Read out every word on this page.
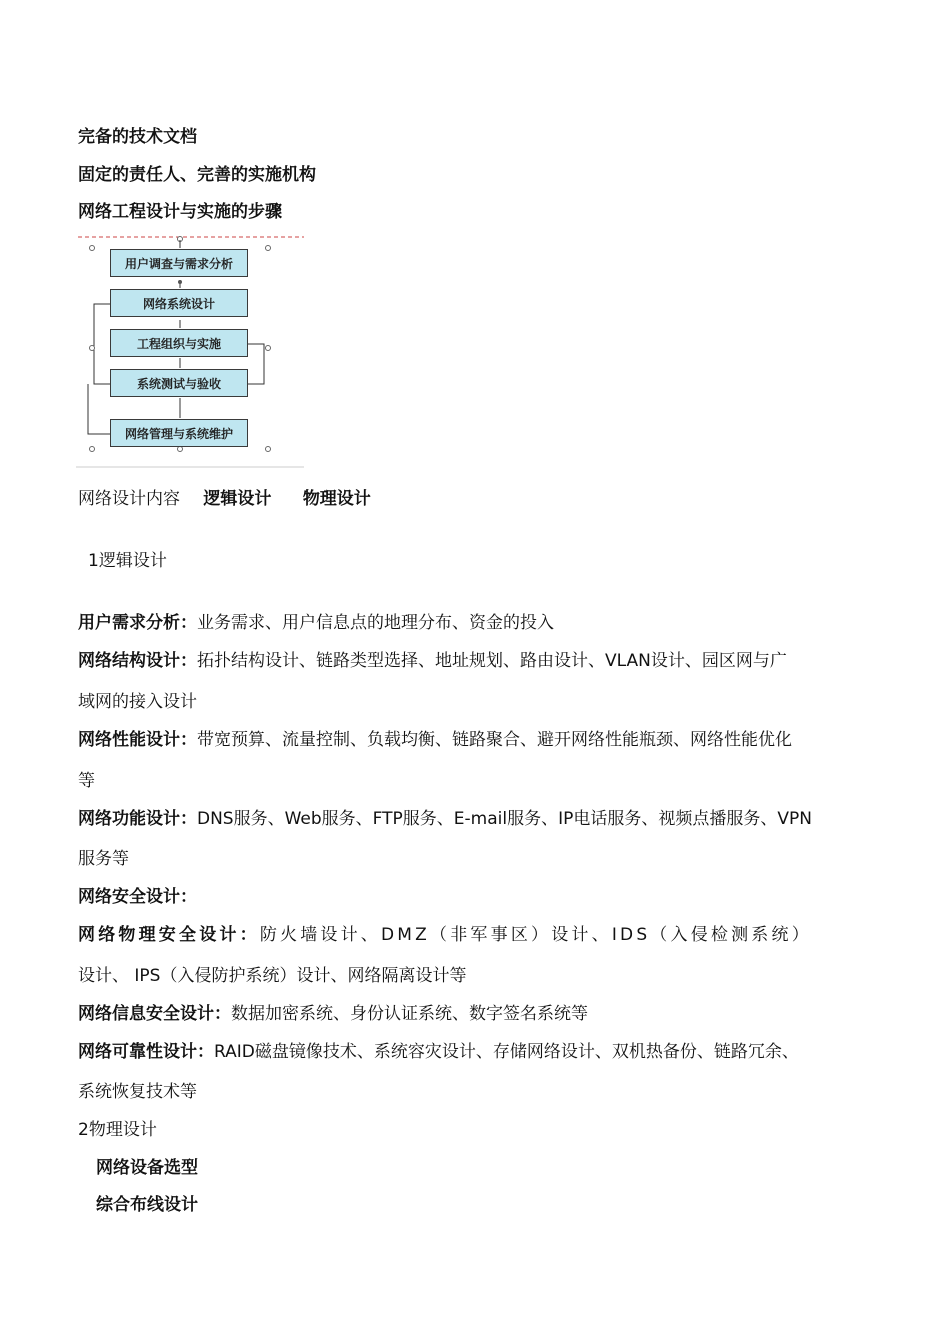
完备的技术文档
固定的责任人、完善的实施机构
网络工程设计与实施的步骤
用户调查与需求分析
网络系统设计
工程组织与实施
系统测试与验收
网络管理与系统维护
网络设计内容 逻辑设计 物理设计
1逻辑设计
用户需求分析：业务需求、用户信息点的地理分布、资金的投入
网络结构设计：拓扑结构设计、链路类型选择、地址规划、路由设计、VLAN设计、园区网与广
域网的接入设计
网络性能设计：带宽预算、流量控制、负载均衡、链路聚合、避开网络性能瓶颈、网络性能优化
等
网络功能设计：DNS服务、Web服务、FTP服务、E-mail服务、IP电话服务、视频点播服务、VPN
服务等
网络安全设计：
网络物理安全设计：防火墙设计、DMZ（非军事区）设计、IDS（入侵检测系统）
设计、 IPS（入侵防护系统）设计、网络隔离设计等
网络信息安全设计：数据加密系统、身份认证系统、数字签名系统等
网络可靠性设计：RAID磁盘镜像技术、系统容灾设计、存储网络设计、双机热备份、链路冗余、
系统恢复技术等
2物理设计
网络设备选型
综合布线设计
